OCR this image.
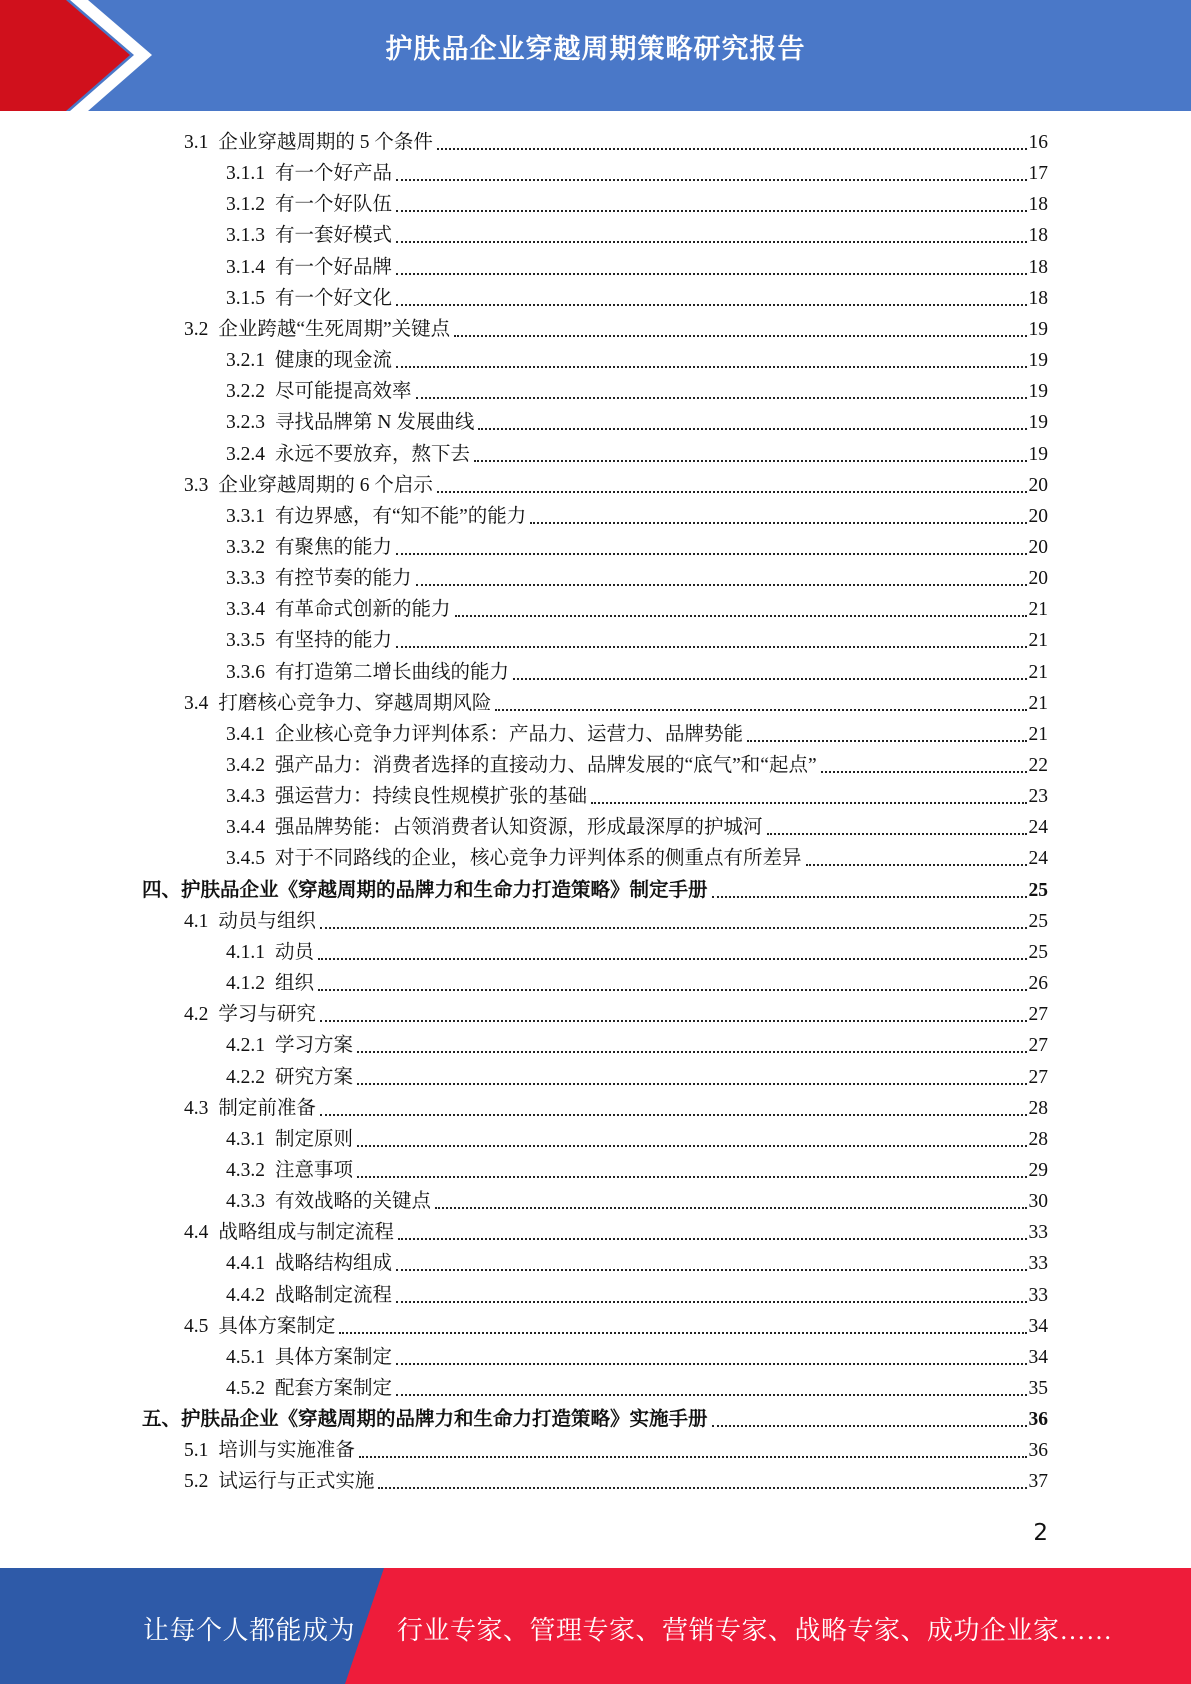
护肤品企业穿越周期策略研究报告
3.1 企业穿越周期的 5 个条件	16
3.1.1 有一个好产品	17
3.1.2 有一个好队伍	18
3.1.3 有一套好模式	18
3.1.4 有一个好品牌	18
3.1.5 有一个好文化	18
3.2 企业跨越“生死周期”关键点	19
3.2.1 健康的现金流	19
3.2.2 尽可能提高效率	19
3.2.3 寻找品牌第 N 发展曲线	19
3.2.4 永远不要放弃，熬下去	19
3.3 企业穿越周期的 6 个启示	20
3.3.1 有边界感，有“知不能”的能力	20
3.3.2 有聚焦的能力	20
3.3.3 有控节奏的能力	20
3.3.4 有革命式创新的能力	21
3.3.5 有坚持的能力	21
3.3.6 有打造第二增长曲线的能力	21
3.4 打磨核心竞争力、穿越周期风险	21
3.4.1 企业核心竞争力评判体系：产品力、运营力、品牌势能	21
3.4.2 强产品力：消费者选择的直接动力、品牌发展的“底气”和“起点”	22
3.4.3 强运营力：持续良性规模扩张的基础	23
3.4.4 强品牌势能：占领消费者认知资源，形成最深厚的护城河	24
3.4.5 对于不同路线的企业，核心竞争力评判体系的侧重点有所差异	24
四、 护肤品企业《穿越周期的品牌力和生命力打造策略》制定手册	25
4.1 动员与组织	25
4.1.1 动员	25
4.1.2 组织	26
4.2 学习与研究	27
4.2.1 学习方案	27
4.2.2 研究方案	27
4.3 制定前准备	28
4.3.1 制定原则	28
4.3.2 注意事项	29
4.3.3 有效战略的关键点	30
4.4 战略组成与制定流程	33
4.4.1 战略结构组成	33
4.4.2 战略制定流程	33
4.5 具体方案制定	34
4.5.1 具体方案制定	34
4.5.2 配套方案制定	35
五、 护肤品企业《穿越周期的品牌力和生命力打造策略》实施手册	36
5.1 培训与实施准备	36
5.2 试运行与正式实施	37
2
让每个人都能成为 行业专家、管理专家、营销专家、战略专家、成功企业家……
